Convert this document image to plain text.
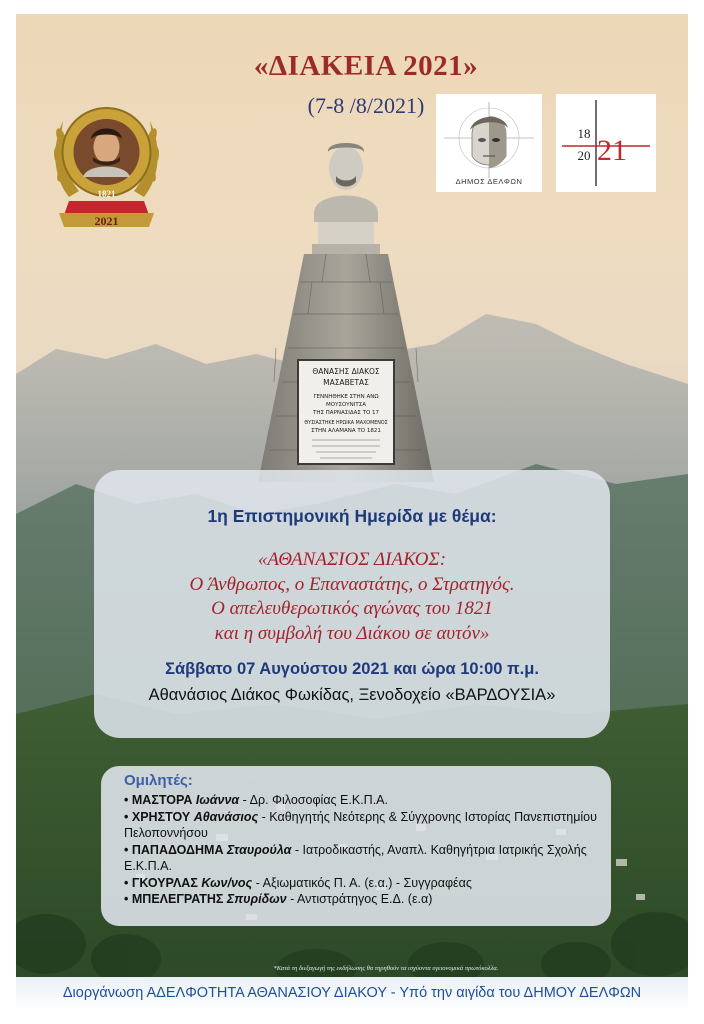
«ΔΙΑΚΕΙΑ 2021»
(7-8 /8/2021)
1821
2021
ΔΗΜΟΣ ΔΕΛΦΩΝ
18
20 21
ΘΑΝΑΣΗΣ ΔΙΑΚΟΣ
ΜΑΣΑΒΕΤΑΣ
ΓΕΝΝΗΘΗΚΕ ΣΤΗΝ ΑΝΩ
ΜΟΥΣΟΥΝΙΤΣΑ
ΤΗΣ ΠΑΡΝΑΣΙΔΑΣ ΤΟ 17
ΘΥΣΙΑΣΤΗΚΕ ΗΡΩΙΚΑ ΜΑΧΟΜΕΝΟΣ
ΣΤΗΝ ΑΛΑΜΑΝΑ ΤΟ 1821
1η Επιστημονική Ημερίδα με θέμα:
«ΑΘΑΝΑΣΙΟΣ ΔΙΑΚΟΣ:
Ο Άνθρωπος, ο Επαναστάτης, ο Στρατηγός.
Ο απελευθερωτικός αγώνας του 1821
και η συμβολή του Διάκου σε αυτόν»
Σάββατο 07 Αυγούστου 2021 και ώρα 10:00 π.μ.
Αθανάσιος Διάκος Φωκίδας, Ξενοδοχείο «ΒΑΡΔΟΥΣΙΑ»
Ομιλητές:
• ΜΑΣΤΟΡΑ Ιωάννα - Δρ. Φιλοσοφίας Ε.Κ.Π.Α.
• ΧΡΗΣΤΟΥ Αθανάσιος - Καθηγητής Νεότερης & Σύγχρονης Ιστορίας Πανεπιστημίου Πελοποννήσου
• ΠΑΠΑΔΟΔΗΜΑ Σταυρούλα - Ιατροδικαστής, Αναπλ. Καθηγήτρια Ιατρικής Σχολής Ε.Κ.Π.Α.
• ΓΚΟΥΡΛΑΣ Κων/νος - Αξιωματικός Π. Α. (ε.α.) - Συγγραφέας
• ΜΠΕΛΕΓΡΑΤΗΣ Σπυρίδων - Αντιστράτηγος Ε.Δ. (ε.α)
*Κατά τη διεξαγωγή της εκδήλωσης θα τηρηθούν τα ισχύοντα υγειονομικά πρωτόκολλα.
Διοργάνωση ΑΔΕΛΦΟΤΗΤΑ ΑΘΑΝΑΣΙΟΥ ΔΙΑΚΟΥ - Υπό την αιγίδα του ΔΗΜΟΥ ΔΕΛΦΩΝ
